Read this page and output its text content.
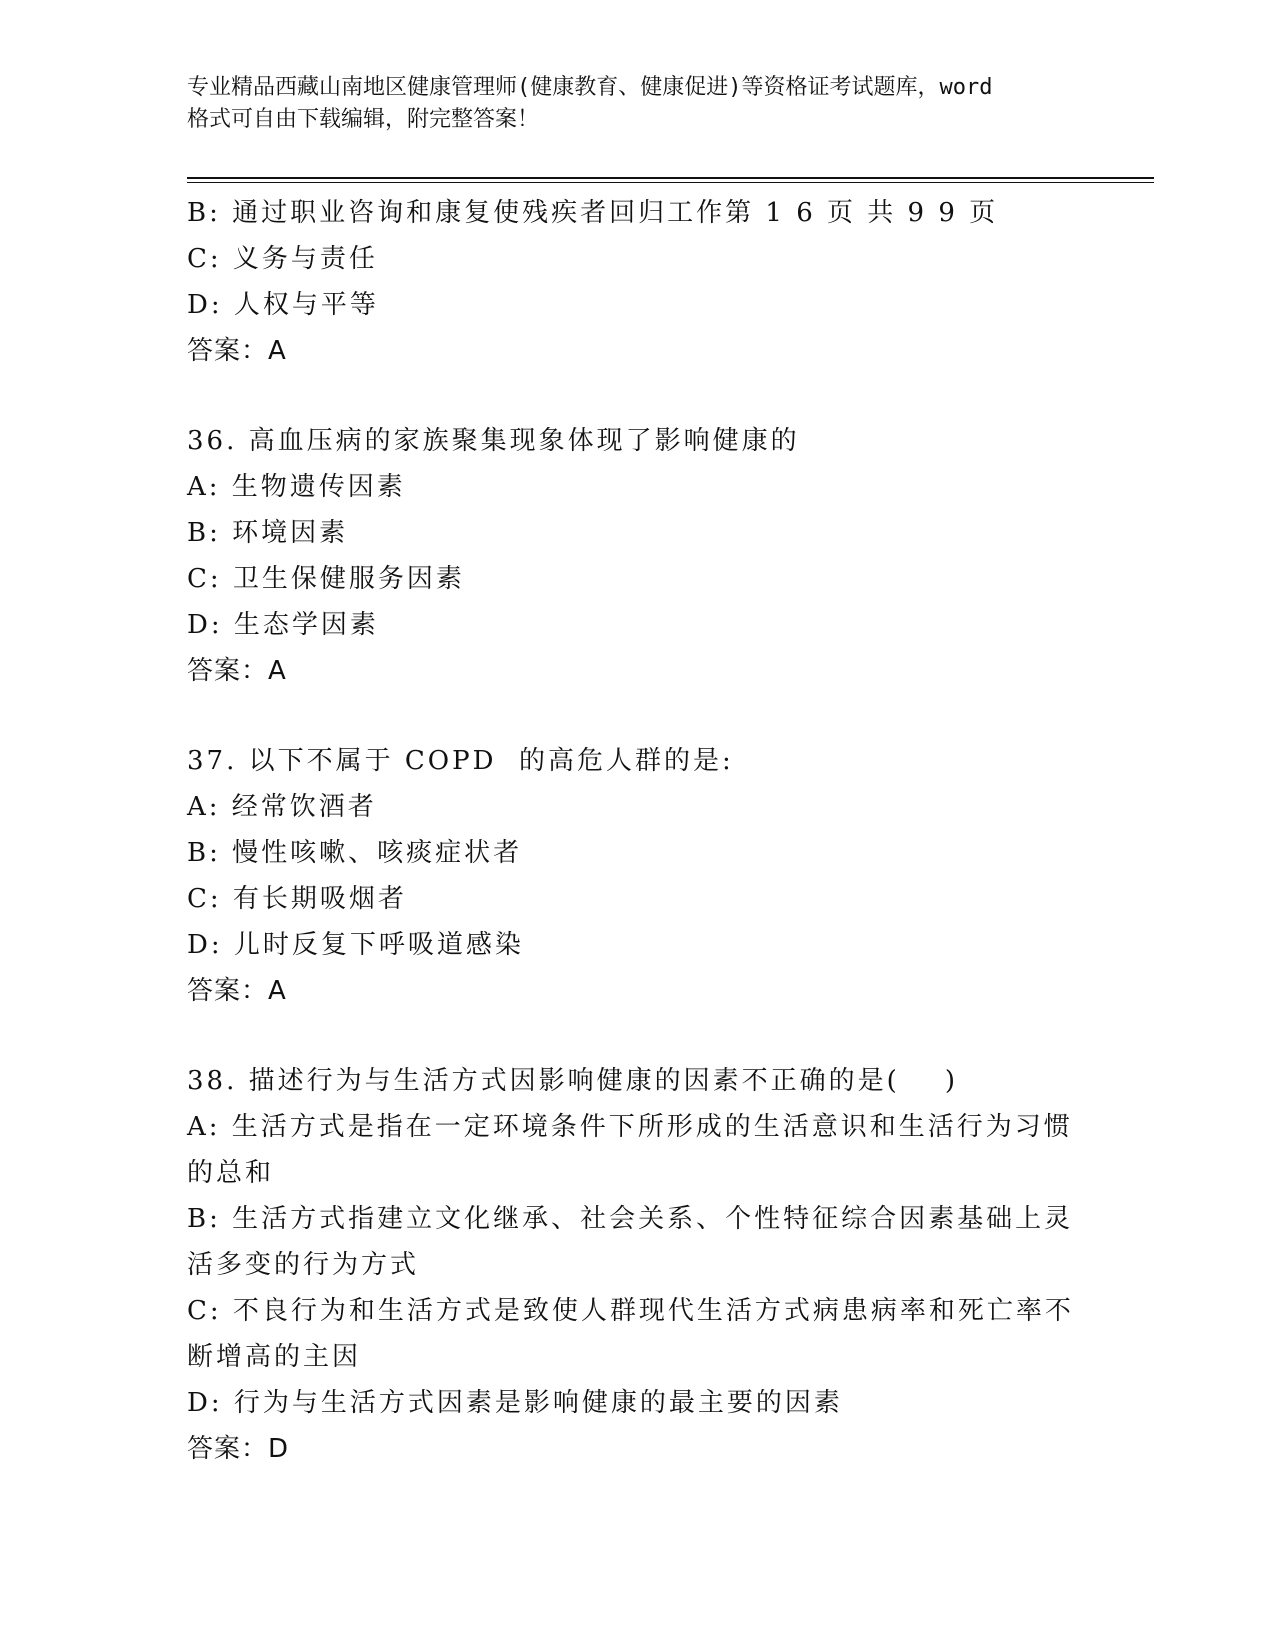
专业精品西藏山南地区健康管理师(健康教育、健康促进)等资格证考试题库，word
格式可自由下载编辑，附完整答案！
B: 通过职业咨询和康复使残疾者回归工作第 1 6 页 共 9 9 页
C: 义务与责任
D: 人权与平等
答案：A
36. 高血压病的家族聚集现象体现了影响健康的
A: 生物遗传因素
B: 环境因素
C: 卫生保健服务因素
D: 生态学因素
答案：A
37. 以下不属于 COPD  的高危人群的是:
A: 经常饮酒者
B: 慢性咳嗽、咳痰症状者
C: 有长期吸烟者
D: 儿时反复下呼吸道感染
答案：A
38. 描述行为与生活方式因影响健康的因素不正确的是(    )
A: 生活方式是指在一定环境条件下所形成的生活意识和生活行为习惯的总和
B: 生活方式指建立文化继承、社会关系、个性特征综合因素基础上灵活多变的行为方式
C: 不良行为和生活方式是致使人群现代生活方式病患病率和死亡率不断增高的主因
D: 行为与生活方式因素是影响健康的最主要的因素
答案：D
